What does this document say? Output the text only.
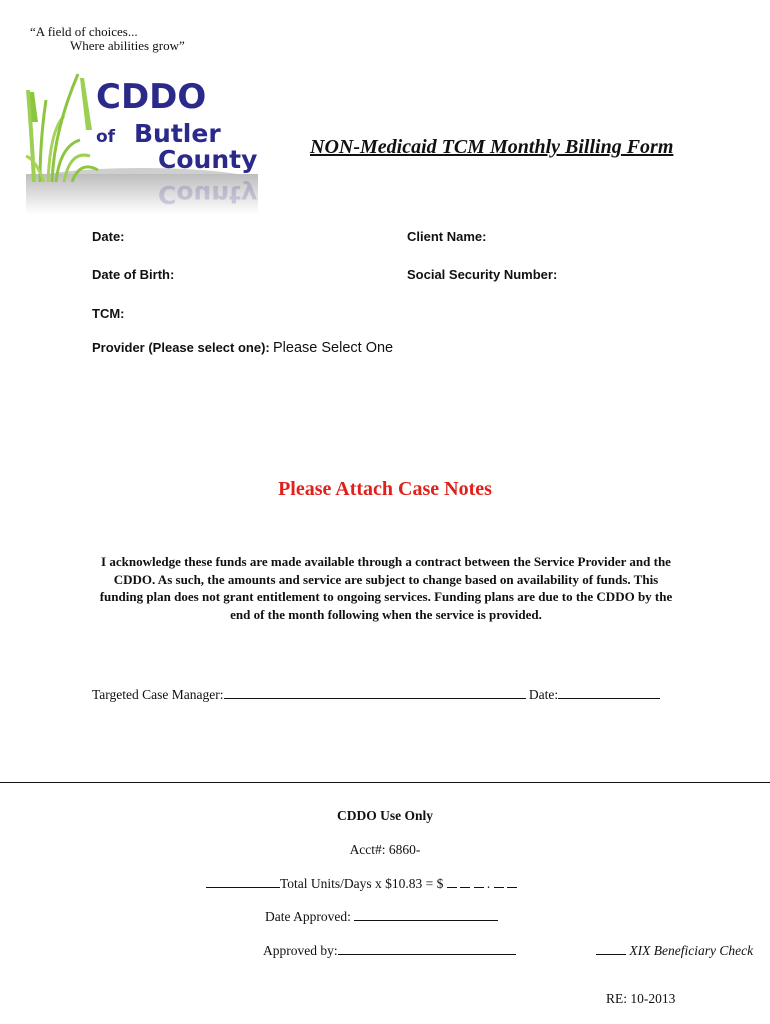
“A field of choices...
Where abilities grow”
CDDO
of Butler
County
County
NON-Medicaid TCM Monthly Billing Form
Date:	Client Name:
Date of Birth:	Social Security Number:
TCM:
Provider (Please select one): Please Select One
Please Attach Case Notes
I acknowledge these funds are made available through a contract between the Service Provider and the CDDO. As such, the amounts and service are subject to change based on availability of funds. This funding plan does not grant entitlement to ongoing services. Funding plans are due to the CDDO by the end of the month following when the service is provided.
Targeted Case Manager:	Date:
CDDO Use Only
Acct#: 6860-
Total Units/Days x $10.83 = $	.
Date Approved:
Approved by:	XIX Beneficiary Check
RE: 10-2013
